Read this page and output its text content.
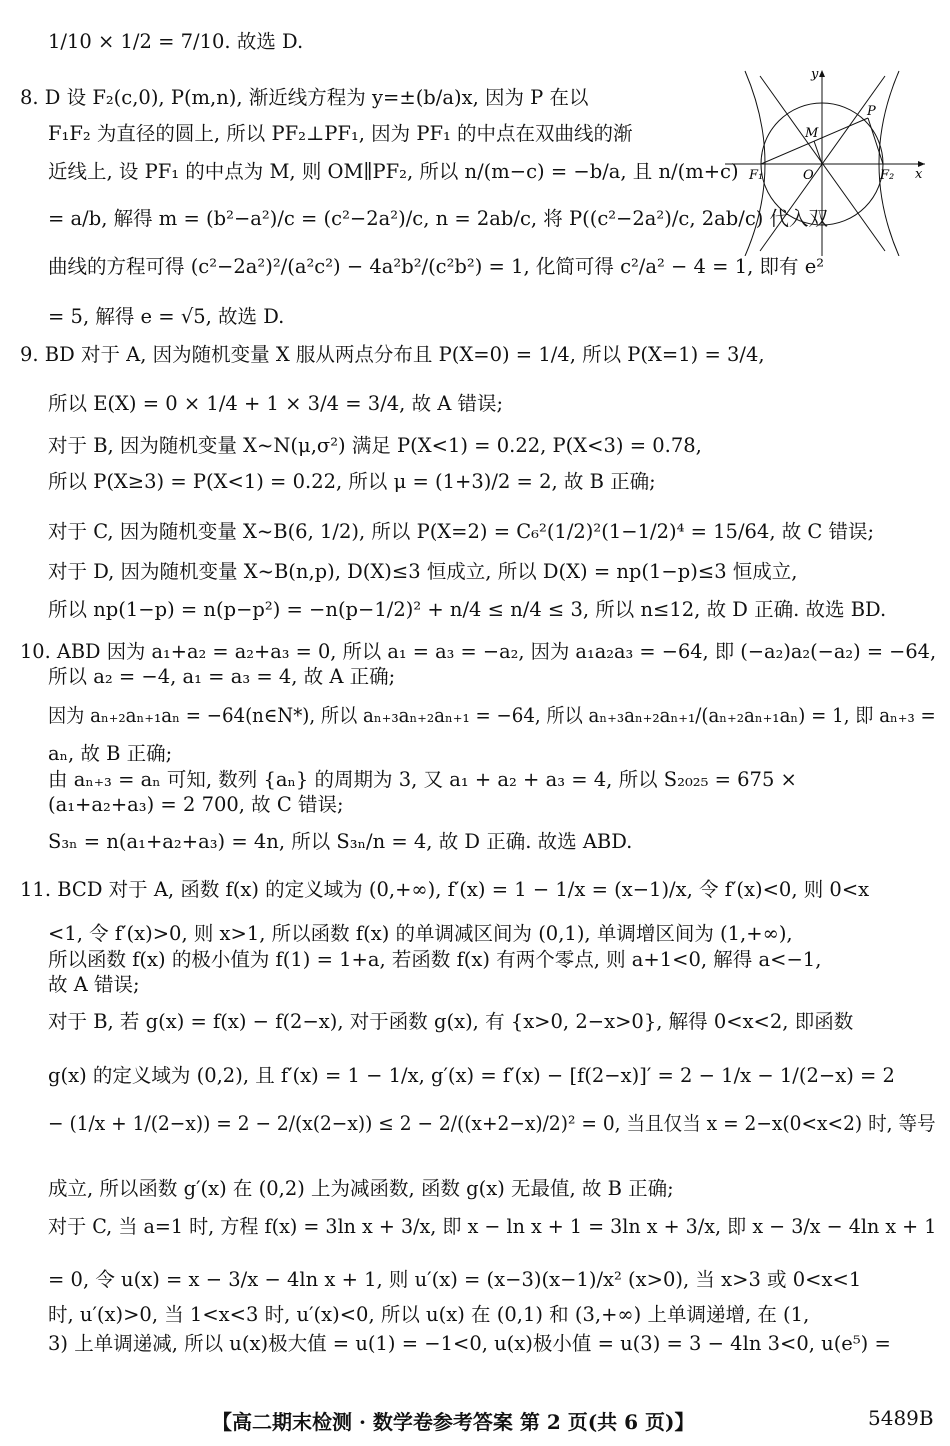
1/10 × 1/2 = 7/10. 故选 D.
8. D 设 F₂(c,0), P(m,n), 渐近线方程为 y=±(b/a)x, 因为 P 在以
F₁F₂ 为直径的圆上, 所以 PF₂⊥PF₁, 因为 PF₁ 的中点在双曲线的渐
近线上, 设 PF₁ 的中点为 M, 则 OM∥PF₂, 所以 n/(m−c) = −b/a, 且 n/(m+c)
= a/b, 解得 m = (b²−a²)/c = (c²−2a²)/c, n = 2ab/c, 将 P((c²−2a²)/c, 2ab/c) 代入双
曲线的方程可得 (c²−2a²)²/(a²c²) − 4a²b²/(c²b²) = 1, 化简可得 c²/a² − 4 = 1, 即有 e²
= 5, 解得 e = √5, 故选 D.
9. BD 对于 A, 因为随机变量 X 服从两点分布且 P(X=0) = 1/4, 所以 P(X=1) = 3/4,
所以 E(X) = 0 × 1/4 + 1 × 3/4 = 3/4, 故 A 错误;
对于 B, 因为随机变量 X~N(μ,σ²) 满足 P(X<1) = 0.22, P(X<3) = 0.78,
所以 P(X≥3) = P(X<1) = 0.22, 所以 μ = (1+3)/2 = 2, 故 B 正确;
对于 C, 因为随机变量 X~B(6, 1/2), 所以 P(X=2) = C₆²(1/2)²(1−1/2)⁴ = 15/64, 故 C 错误;
对于 D, 因为随机变量 X~B(n,p), D(X)≤3 恒成立, 所以 D(X) = np(1−p)≤3 恒成立,
所以 np(1−p) = n(p−p²) = −n(p−1/2)² + n/4 ≤ n/4 ≤ 3, 所以 n≤12, 故 D 正确. 故选 BD.
10. ABD 因为 a₁+a₂ = a₂+a₃ = 0, 所以 a₁ = a₃ = −a₂, 因为 a₁a₂a₃ = −64, 即 (−a₂)a₂(−a₂) = −64,
所以 a₂ = −4, a₁ = a₃ = 4, 故 A 正确;
因为 aₙ₊₂aₙ₊₁aₙ = −64(n∈N*), 所以 aₙ₊₃aₙ₊₂aₙ₊₁ = −64, 所以 aₙ₊₃aₙ₊₂aₙ₊₁/(aₙ₊₂aₙ₊₁aₙ) = 1, 即 aₙ₊₃ =
aₙ, 故 B 正确;
由 aₙ₊₃ = aₙ 可知, 数列 {aₙ} 的周期为 3, 又 a₁ + a₂ + a₃ = 4, 所以 S₂₀₂₅ = 675 ×
(a₁+a₂+a₃) = 2 700, 故 C 错误;
S₃ₙ = n(a₁+a₂+a₃) = 4n, 所以 S₃ₙ/n = 4, 故 D 正确. 故选 ABD.
11. BCD 对于 A, 函数 f(x) 的定义域为 (0,+∞), f′(x) = 1 − 1/x = (x−1)/x, 令 f′(x)<0, 则 0<x
<1, 令 f′(x)>0, 则 x>1, 所以函数 f(x) 的单调减区间为 (0,1), 单调增区间为 (1,+∞),
所以函数 f(x) 的极小值为 f(1) = 1+a, 若函数 f(x) 有两个零点, 则 a+1<0, 解得 a<−1,
故 A 错误;
对于 B, 若 g(x) = f(x) − f(2−x), 对于函数 g(x), 有 {x>0, 2−x>0}, 解得 0<x<2, 即函数
g(x) 的定义域为 (0,2), 且 f′(x) = 1 − 1/x, g′(x) = f′(x) − [f(2−x)]′ = 2 − 1/x − 1/(2−x) = 2
− (1/x + 1/(2−x)) = 2 − 2/(x(2−x)) ≤ 2 − 2/((x+2−x)/2)² = 0, 当且仅当 x = 2−x(0<x<2) 时, 等号
成立, 所以函数 g′(x) 在 (0,2) 上为减函数, 函数 g(x) 无最值, 故 B 正确;
对于 C, 当 a=1 时, 方程 f(x) = 3ln x + 3/x, 即 x − ln x + 1 = 3ln x + 3/x, 即 x − 3/x − 4ln x + 1
= 0, 令 u(x) = x − 3/x − 4ln x + 1, 则 u′(x) = (x−3)(x−1)/x² (x>0), 当 x>3 或 0<x<1
时, u′(x)>0, 当 1<x<3 时, u′(x)<0, 所以 u(x) 在 (0,1) 和 (3,+∞) 上单调递增, 在 (1,
3) 上单调递减, 所以 u(x)极大值 = u(1) = −1<0, u(x)极小值 = u(3) = 3 − 4ln 3<0, u(e⁵) =
y
P
M
F₁	O	F₂ x
【高二期末检测 · 数学卷参考答案 第 2 页(共 6 页)】	5489B
